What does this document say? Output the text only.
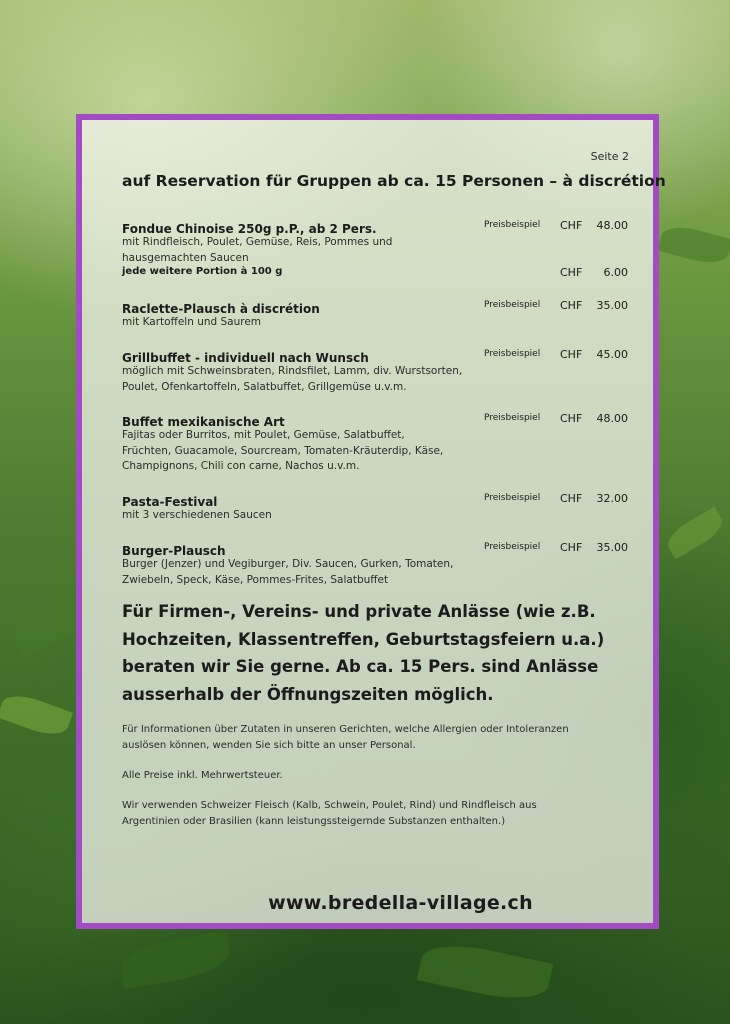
Seite 2
auf Reservation für Gruppen ab ca. 15 Personen – à discrétion
Fondue Chinoise 250g p.P., ab 2 Pers.	Preisbeispiel CHF 48.00
mit Rindfleisch, Poulet, Gemüse, Reis, Pommes und hausgemachten Saucen
jede weitere Portion à 100 g	CHF 6.00
Raclette-Plausch à discrétion	Preisbeispiel CHF 35.00
mit Kartoffeln und Saurem
Grillbuffet - individuell nach Wunsch	Preisbeispiel CHF 45.00
möglich mit Schweinsbraten, Rindsfilet, Lamm, div. Wurstsorten, Poulet, Ofenkartoffeln, Salatbuffet, Grillgemüse u.v.m.
Buffet mexikanische Art	Preisbeispiel CHF 48.00
Fajitas oder Burritos, mit Poulet, Gemüse, Salatbuffet, Früchten, Guacamole, Sourcream, Tomaten-Kräuterdip, Käse, Champignons, Chili con carne, Nachos u.v.m.
Pasta-Festival	Preisbeispiel CHF 32.00
mit 3 verschiedenen Saucen
Burger-Plausch	Preisbeispiel CHF 35.00
Burger (Jenzer) und Vegiburger, Div. Saucen, Gurken, Tomaten, Zwiebeln, Speck, Käse, Pommes-Frites, Salatbuffet
Für Firmen-, Vereins- und private Anlässe (wie z.B. Hochzeiten, Klassentreffen, Geburtstagsfeiern u.a.) beraten wir Sie gerne. Ab ca. 15 Pers. sind Anlässe ausserhalb der Öffnungszeiten möglich.
Für Informationen über Zutaten in unseren Gerichten, welche Allergien oder Intoleranzen auslösen können, wenden Sie sich bitte an unser Personal.
Alle Preise inkl. Mehrwertsteuer.
Wir verwenden Schweizer Fleisch (Kalb, Schwein, Poulet, Rind) und Rindfleisch aus Argentinien oder Brasilien (kann leistungssteigernde Substanzen enthalten.)
www.bredella-village.ch
